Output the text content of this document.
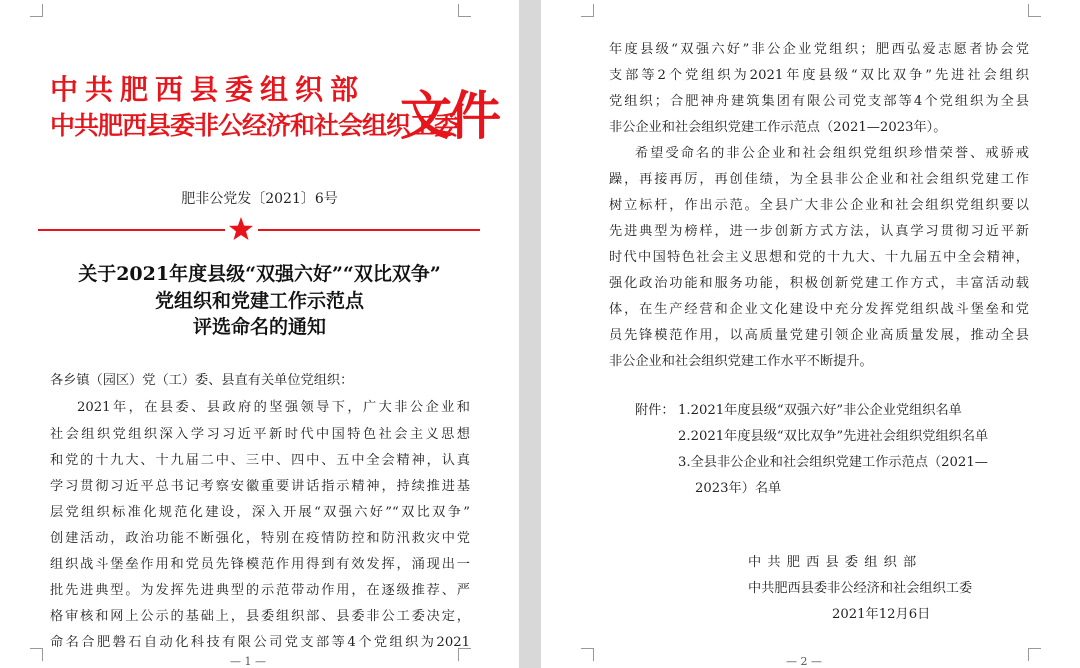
中共肥西县委组织部
中共肥西县委非公经济和社会组织工委
文件
肥非公党发〔2021〕6号
关于2021年度县级“双强六好”“双比双争”
党组织和党建工作示范点
评选命名的通知
各乡镇（园区）党（工）委、县直有关单位党组织：
2021年，在县委、县政府的坚强领导下，广大非公企业和
社会组织党组织深入学习习近平新时代中国特色社会主义思想
和党的十九大、十九届二中、三中、四中、五中全会精神，认真
学习贯彻习近平总书记考察安徽重要讲话指示精神，持续推进基
层党组织标准化规范化建设，深入开展“双强六好”“双比双争”
创建活动，政治功能不断强化，特别在疫情防控和防汛救灾中党
组织战斗堡垒作用和党员先锋模范作用得到有效发挥，涌现出一
批先进典型。为发挥先进典型的示范带动作用，在逐级推荐、严
格审核和网上公示的基础上，县委组织部、县委非公工委决定，
命名合肥磐石自动化科技有限公司党支部等4个党组织为2021
— 1 —	— 2 —
年度县级“双强六好”非公企业党组织；肥西弘爱志愿者协会党
支部等2个党组织为2021年度县级“双比双争”先进社会组织
党组织；合肥神舟建筑集团有限公司党支部等4个党组织为全县
非公企业和社会组织党建工作示范点（2021—2023年）。
希望受命名的非公企业和社会组织党组织珍惜荣誉、戒骄戒
躁，再接再厉，再创佳绩，为全县非公企业和社会组织党建工作
树立标杆，作出示范。全县广大非公企业和社会组织党组织要以
先进典型为榜样，进一步创新方式方法，认真学习贯彻习近平新
时代中国特色社会主义思想和党的十九大、十九届五中全会精神，
强化政治功能和服务功能，积极创新党建工作方式，丰富活动载
体，在生产经营和企业文化建设中充分发挥党组织战斗堡垒和党
员先锋模范作用，以高质量党建引领企业高质量发展，推动全县
非公企业和社会组织党建工作水平不断提升。
附件： 1.2021年度县级“双强六好”非公企业党组织名单
2.2021年度县级“双比双争”先进社会组织党组织名单
3.全县非公企业和社会组织党建工作示范点（2021—
2023年）名单
中 共 肥 西 县 委 组 织 部
中共肥西县委非公经济和社会组织工委
2021年12月6日
